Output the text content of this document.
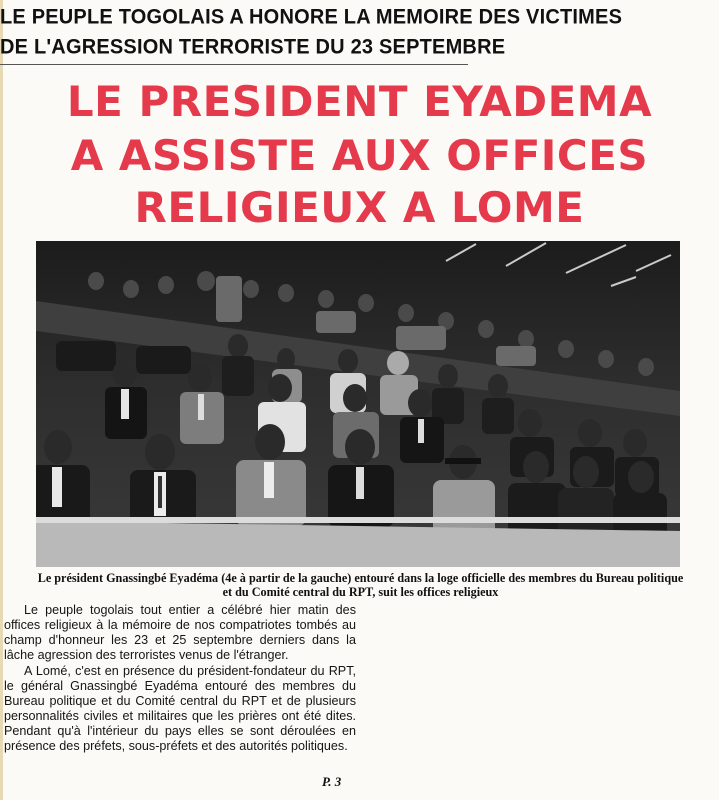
LE PEUPLE TOGOLAIS A HONORE LA MEMOIRE DES VICTIMES
DE L'AGRESSION TERRORISTE DU 23 SEPTEMBRE
LE PRESIDENT EYADEMA
A ASSISTE AUX OFFICES
RELIGIEUX A LOME

Le président Gnassingbé Eyadéma (4e à partir de la gauche) entouré dans la loge officielle des membres du Bureau politique
et du Comité central du RPT, suit les offices religieux

Le peuple togolais tout entier a célébré hier matin des offices religieux à la mémoire de nos compatriotes tombés au champ d'honneur les 23 et 25 septembre derniers dans la lâche agression des terroristes venus de l'étranger.

A Lomé, c'est en présence du président-fondateur du RPT, le général Gnassingbé Eyadéma entouré des membres du Bureau politique et du Comité central du RPT et de plusieurs personnalités civiles et militaires que les prières ont été dites. Pendant qu'à l'intérieur du pays elles se sont déroulées en présence des préfets, sous-préfets et des autorités politiques.

P. 3
